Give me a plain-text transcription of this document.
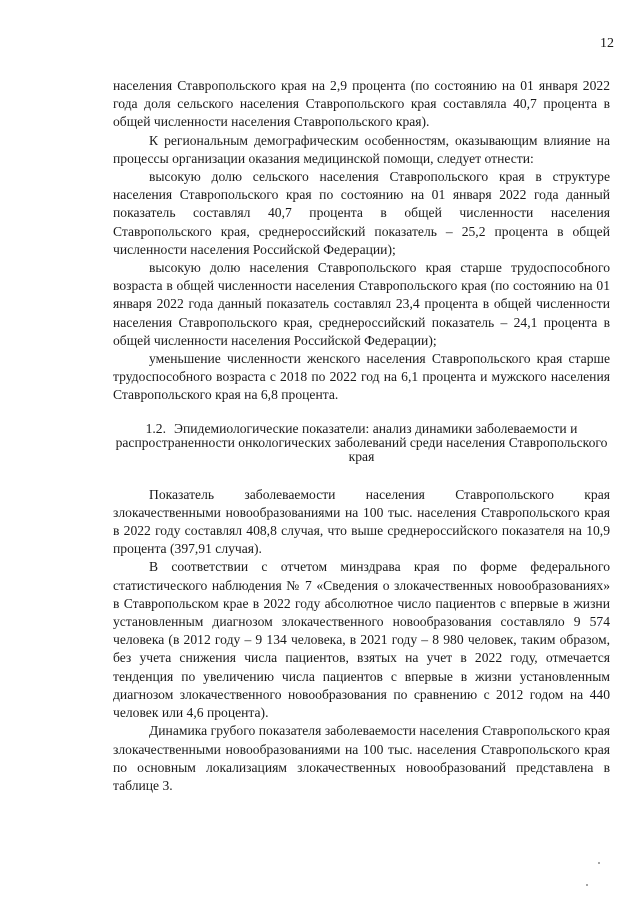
12

населения Ставропольского края на 2,9 процента (по состоянию на 01 января 2022 года доля сельского населения Ставропольского края составляла 40,7 процента в общей численности населения Ставропольского края).

К региональным демографическим особенностям, оказывающим влияние на процессы организации оказания медицинской помощи, следует отнести:

высокую долю сельского населения Ставропольского края в структуре населения Ставропольского края по состоянию на 01 января 2022 года данный показатель составлял 40,7 процента в общей численности населения Ставропольского края, среднероссийский показатель – 25,2 процента в общей численности населения Российской Федерации);

высокую долю населения Ставропольского края старше трудоспособного возраста в общей численности населения Ставропольского края (по состоянию на 01 января 2022 года данный показатель составлял 23,4 процента в общей численности населения Ставропольского края, среднероссийский показатель – 24,1 процента в общей численности населения Российской Федерации);

уменьшение численности женского населения Ставропольского края старше трудоспособного возраста с 2018 по 2022 год на 6,1 процента и мужского населения Ставропольского края на 6,8 процента.

1.2. Эпидемиологические показатели: анализ динамики заболеваемости и распространенности онкологических заболеваний среди населения Ставропольского края

Показатель заболеваемости населения Ставропольского края злокачественными новообразованиями на 100 тыс. населения Ставропольского края в 2022 году составлял 408,8 случая, что выше среднероссийского показателя на 10,9 процента (397,91 случая).

В соответствии с отчетом минздрава края по форме федерального статистического наблюдения № 7 «Сведения о злокачественных новообразованиях» в Ставропольском крае в 2022 году абсолютное число пациентов с впервые в жизни установленным диагнозом злокачественного новообразования составляло 9 574 человека (в 2012 году – 9 134 человека, в 2021 году – 8 980 человек, таким образом, без учета снижения числа пациентов, взятых на учет в 2022 году, отмечается тенденция по увеличению числа пациентов с впервые в жизни установленным диагнозом злокачественного новообразования по сравнению с 2012 годом на 440 человек или 4,6 процента).

Динамика грубого показателя заболеваемости населения Ставропольского края злокачественными новообразованиями на 100 тыс. населения Ставропольского края по основным локализациям злокачественных новообразований представлена в таблице 3.
